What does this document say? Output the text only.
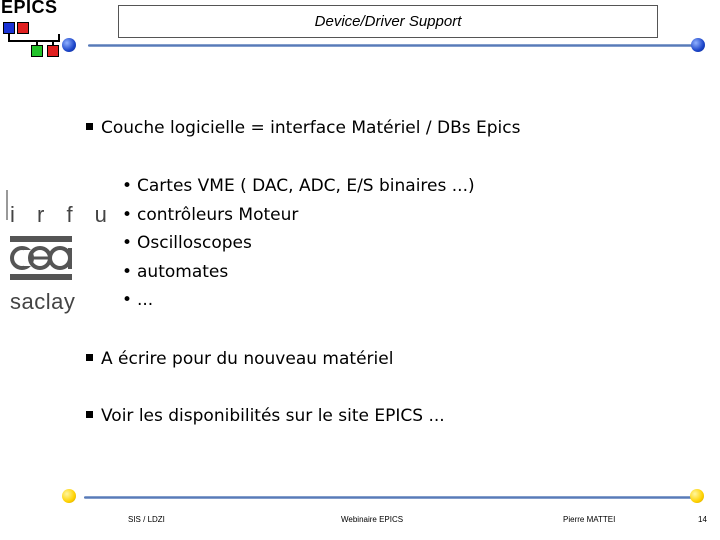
EPICS
Device/Driver Support
i r f u
saclay
Couche logicielle = interface Matériel / DBs Epics
• Cartes VME ( DAC, ADC, E/S binaires ...)
• contrôleurs Moteur
• Oscilloscopes
• automates
• ...
A écrire pour du nouveau matériel
Voir les disponibilités sur le site EPICS ...
SIS / LDZI	Webinaire EPICS	Pierre MATTEI	14
